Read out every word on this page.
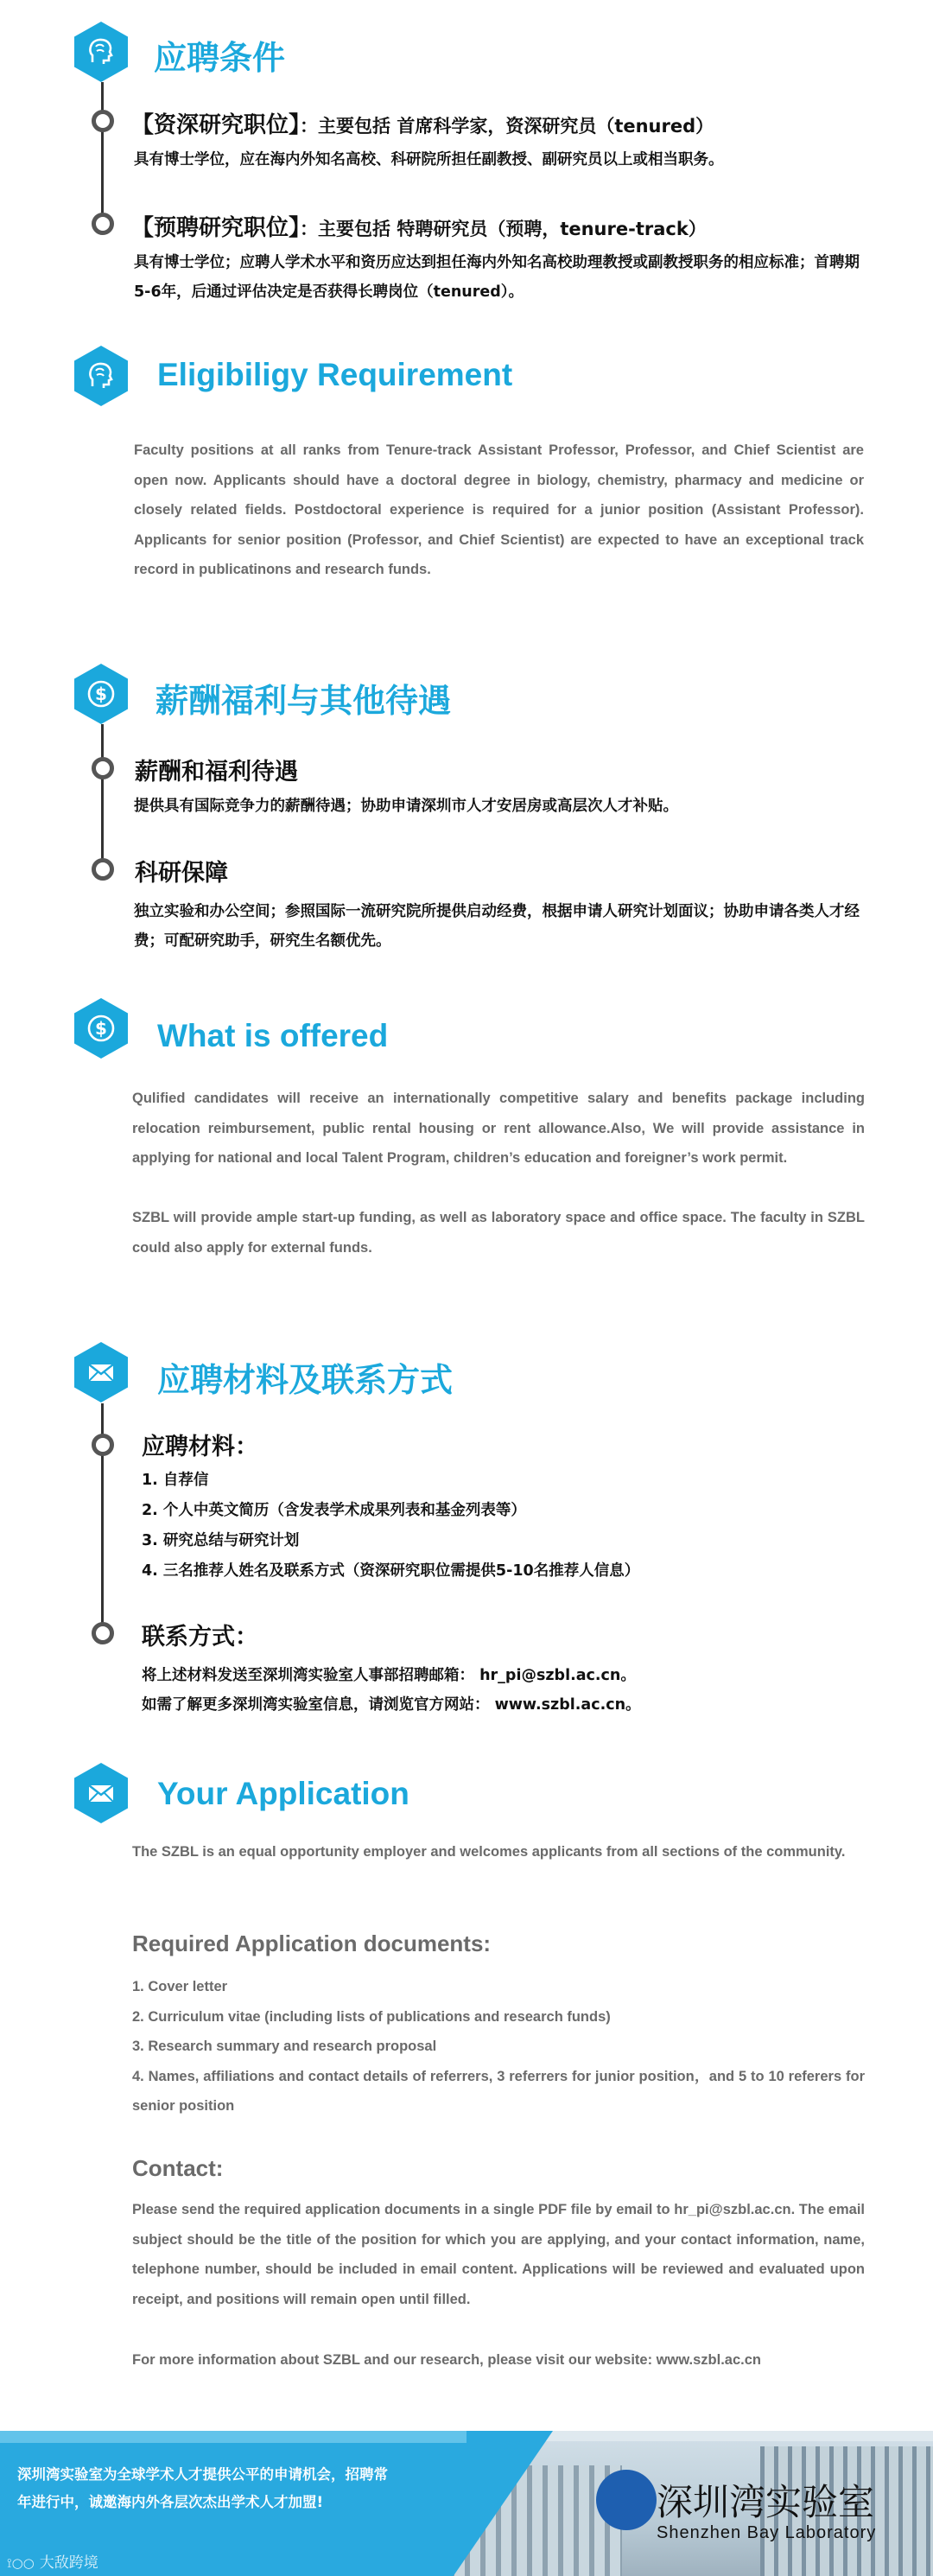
应聘条件
【资深研究职位】：主要包括 首席科学家，资深研究员（tenured）
具有博士学位，应在海内外知名高校、科研院所担任副教授、副研究员以上或相当职务。
【预聘研究职位】：主要包括 特聘研究员（预聘，tenure-track）
具有博士学位；应聘人学术水平和资历应达到担任海内外知名高校助理教授或副教授职务的相应标准；首聘期5-6年，后通过评估决定是否获得长聘岗位（tenured）。
Eligibiligy Requirement
Faculty positions at all ranks from Tenure-track Assistant Professor, Professor, and Chief Scientist are open now. Applicants should have a doctoral degree in biology, chemistry, pharmacy and medicine or closely related fields. Postdoctoral experience is required for a junior position (Assistant Professor). Applicants for senior position (Professor, and Chief Scientist) are expected to have an exceptional track record in publicatinons and research funds.
$ 薪酬福利与其他待遇
薪酬和福利待遇
提供具有国际竞争力的薪酬待遇；协助申请深圳市人才安居房或高层次人才补贴。
科研保障
独立实验和办公空间；参照国际一流研究院所提供启动经费，根据申请人研究计划面议；协助申请各类人才经费；可配研究助手，研究生名额优先。
$ What is offered
Qulified candidates will receive an internationally competitive salary and benefits package including relocation reimbursement, public rental housing or rent allowance.Also, We will provide assistance in applying for national and local Talent Program, children’s education and foreigner’s work permit.
SZBL will provide ample start-up funding, as well as laboratory space and office space. The faculty in SZBL could also apply for external funds.
应聘材料及联系方式
应聘材料：
1. 自荐信
2. 个人中英文简历（含发表学术成果列表和基金列表等）
3. 研究总结与研究计划
4. 三名推荐人姓名及联系方式（资深研究职位需提供5-10名推荐人信息）
联系方式：
将上述材料发送至深圳湾实验室人事部招聘邮箱： hr_pi@szbl.ac.cn。
如需了解更多深圳湾实验室信息，请浏览官方网站： www.szbl.ac.cn。
Your Application
The SZBL is an equal opportunity employer and welcomes applicants from all sections of the community.
Required Application documents:
1. Cover letter
2. Curriculum vitae (including lists of publications and research funds)
3. Research summary and research proposal
4. Names, affiliations and contact details of referrers, 3 referrers for junior position，and 5 to 10 referers for senior position
Contact:
Please send the required application documents in a single PDF file by email to hr_pi@szbl.ac.cn. The email subject should be the title of the position for which you are applying, and your contact information, name, telephone number, should be included in email content. Applications will be reviewed and evaluated upon receipt, and positions will remain open until filled.
For more information about SZBL and our research, please visit our website: www.szbl.ac.cn
深圳湾实验室为全球学术人才提供公平的申请机会，招聘常年进行中，诚邀海内外各层次杰出学术人才加盟!	深圳湾实验室
Shenzhen Bay Laboratory
⟟○○ 大敌跨境
